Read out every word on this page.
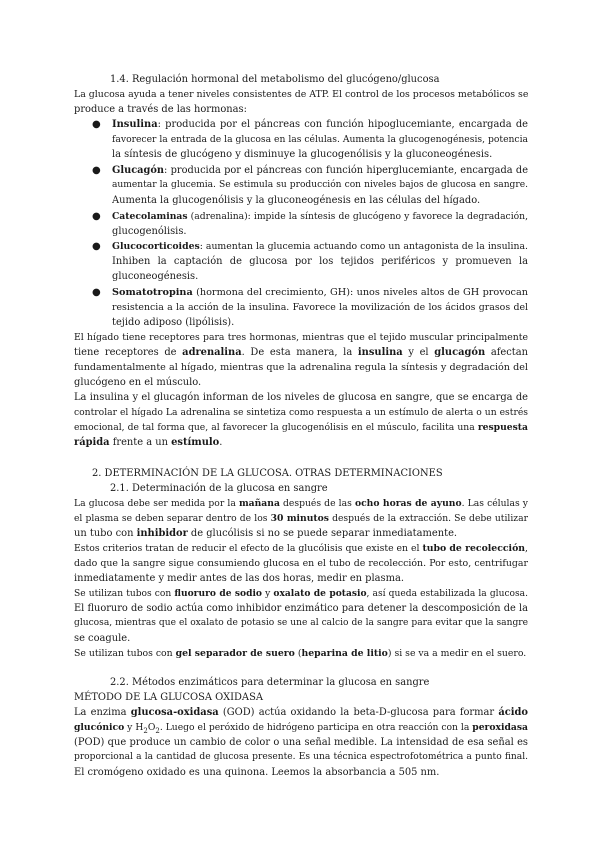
1.4. Regulación hormonal del metabolismo del glucógeno/glucosa
La glucosa ayuda a tener niveles consistentes de ATP. El control de los procesos metabólicos se
produce a través de las hormonas:
● Insulina: producida por el páncreas con función hipoglucemiante, encargada de
favorecer la entrada de la glucosa en las células. Aumenta la glucogenogénesis, potencia
la síntesis de glucógeno y disminuye la glucogenólisis y la gluconeogénesis.
● Glucagón: producida por el páncreas con función hiperglucemiante, encargada de
aumentar la glucemia. Se estimula su producción con niveles bajos de glucosa en sangre.
Aumenta la glucogenólisis y la gluconeogénesis en las células del hígado.
● Catecolaminas (adrenalina): impide la síntesis de glucógeno y favorece la degradación,
glucogenólisis.
● Glucocorticoides: aumentan la glucemia actuando como un antagonista de la insulina.
Inhiben la captación de glucosa por los tejidos periféricos y promueven la
gluconeogénesis.
● Somatotropina (hormona del crecimiento, GH): unos niveles altos de GH provocan
resistencia a la acción de la insulina. Favorece la movilización de los ácidos grasos del
tejido adiposo (lipólisis).
El hígado tiene receptores para tres hormonas, mientras que el tejido muscular principalmente
tiene receptores de adrenalina. De esta manera, la insulina y el glucagón afectan
fundamentalmente al hígado, mientras que la adrenalina regula la síntesis y degradación del
glucógeno en el músculo.
La insulina y el glucagón informan de los niveles de glucosa en sangre, que se encarga de
controlar el hígado La adrenalina se sintetiza como respuesta a un estímulo de alerta o un estrés
emocional, de tal forma que, al favorecer la glucogenólisis en el músculo, facilita una respuesta
rápida frente a un estímulo.
2. DETERMINACIÓN DE LA GLUCOSA. OTRAS DETERMINACIONES
2.1. Determinación de la glucosa en sangre
La glucosa debe ser medida por la mañana después de las ocho horas de ayuno. Las células y
el plasma se deben separar dentro de los 30 minutos después de la extracción. Se debe utilizar
un tubo con inhibidor de glucólisis si no se puede separar inmediatamente.
Estos criterios tratan de reducir el efecto de la glucólisis que existe en el tubo de recolección,
dado que la sangre sigue consumiendo glucosa en el tubo de recolección. Por esto, centrifugar
inmediatamente y medir antes de las dos horas, medir en plasma.
Se utilizan tubos con fluoruro de sodio y oxalato de potasio, así queda estabilizada la glucosa.
El fluoruro de sodio actúa como inhibidor enzimático para detener la descomposición de la
glucosa, mientras que el oxalato de potasio se une al calcio de la sangre para evitar que la sangre
se coagule.
Se utilizan tubos con gel separador de suero (heparina de litio) si se va a medir en el suero.
2.2. Métodos enzimáticos para determinar la glucosa en sangre
MÉTODO DE LA GLUCOSA OXIDASA
La enzima glucosa-oxidasa (GOD) actúa oxidando la beta-D-glucosa para formar ácido
glucónico y $H_2O_2$. Luego el peróxido de hidrógeno participa en otra reacción con la peroxidasa
(POD) que produce un cambio de color o una señal medible. La intensidad de esa señal es
proporcional a la cantidad de glucosa presente. Es una técnica espectrofotométrica a punto final.
El cromógeno oxidado es una quinona. Leemos la absorbancia a 505 nm.
